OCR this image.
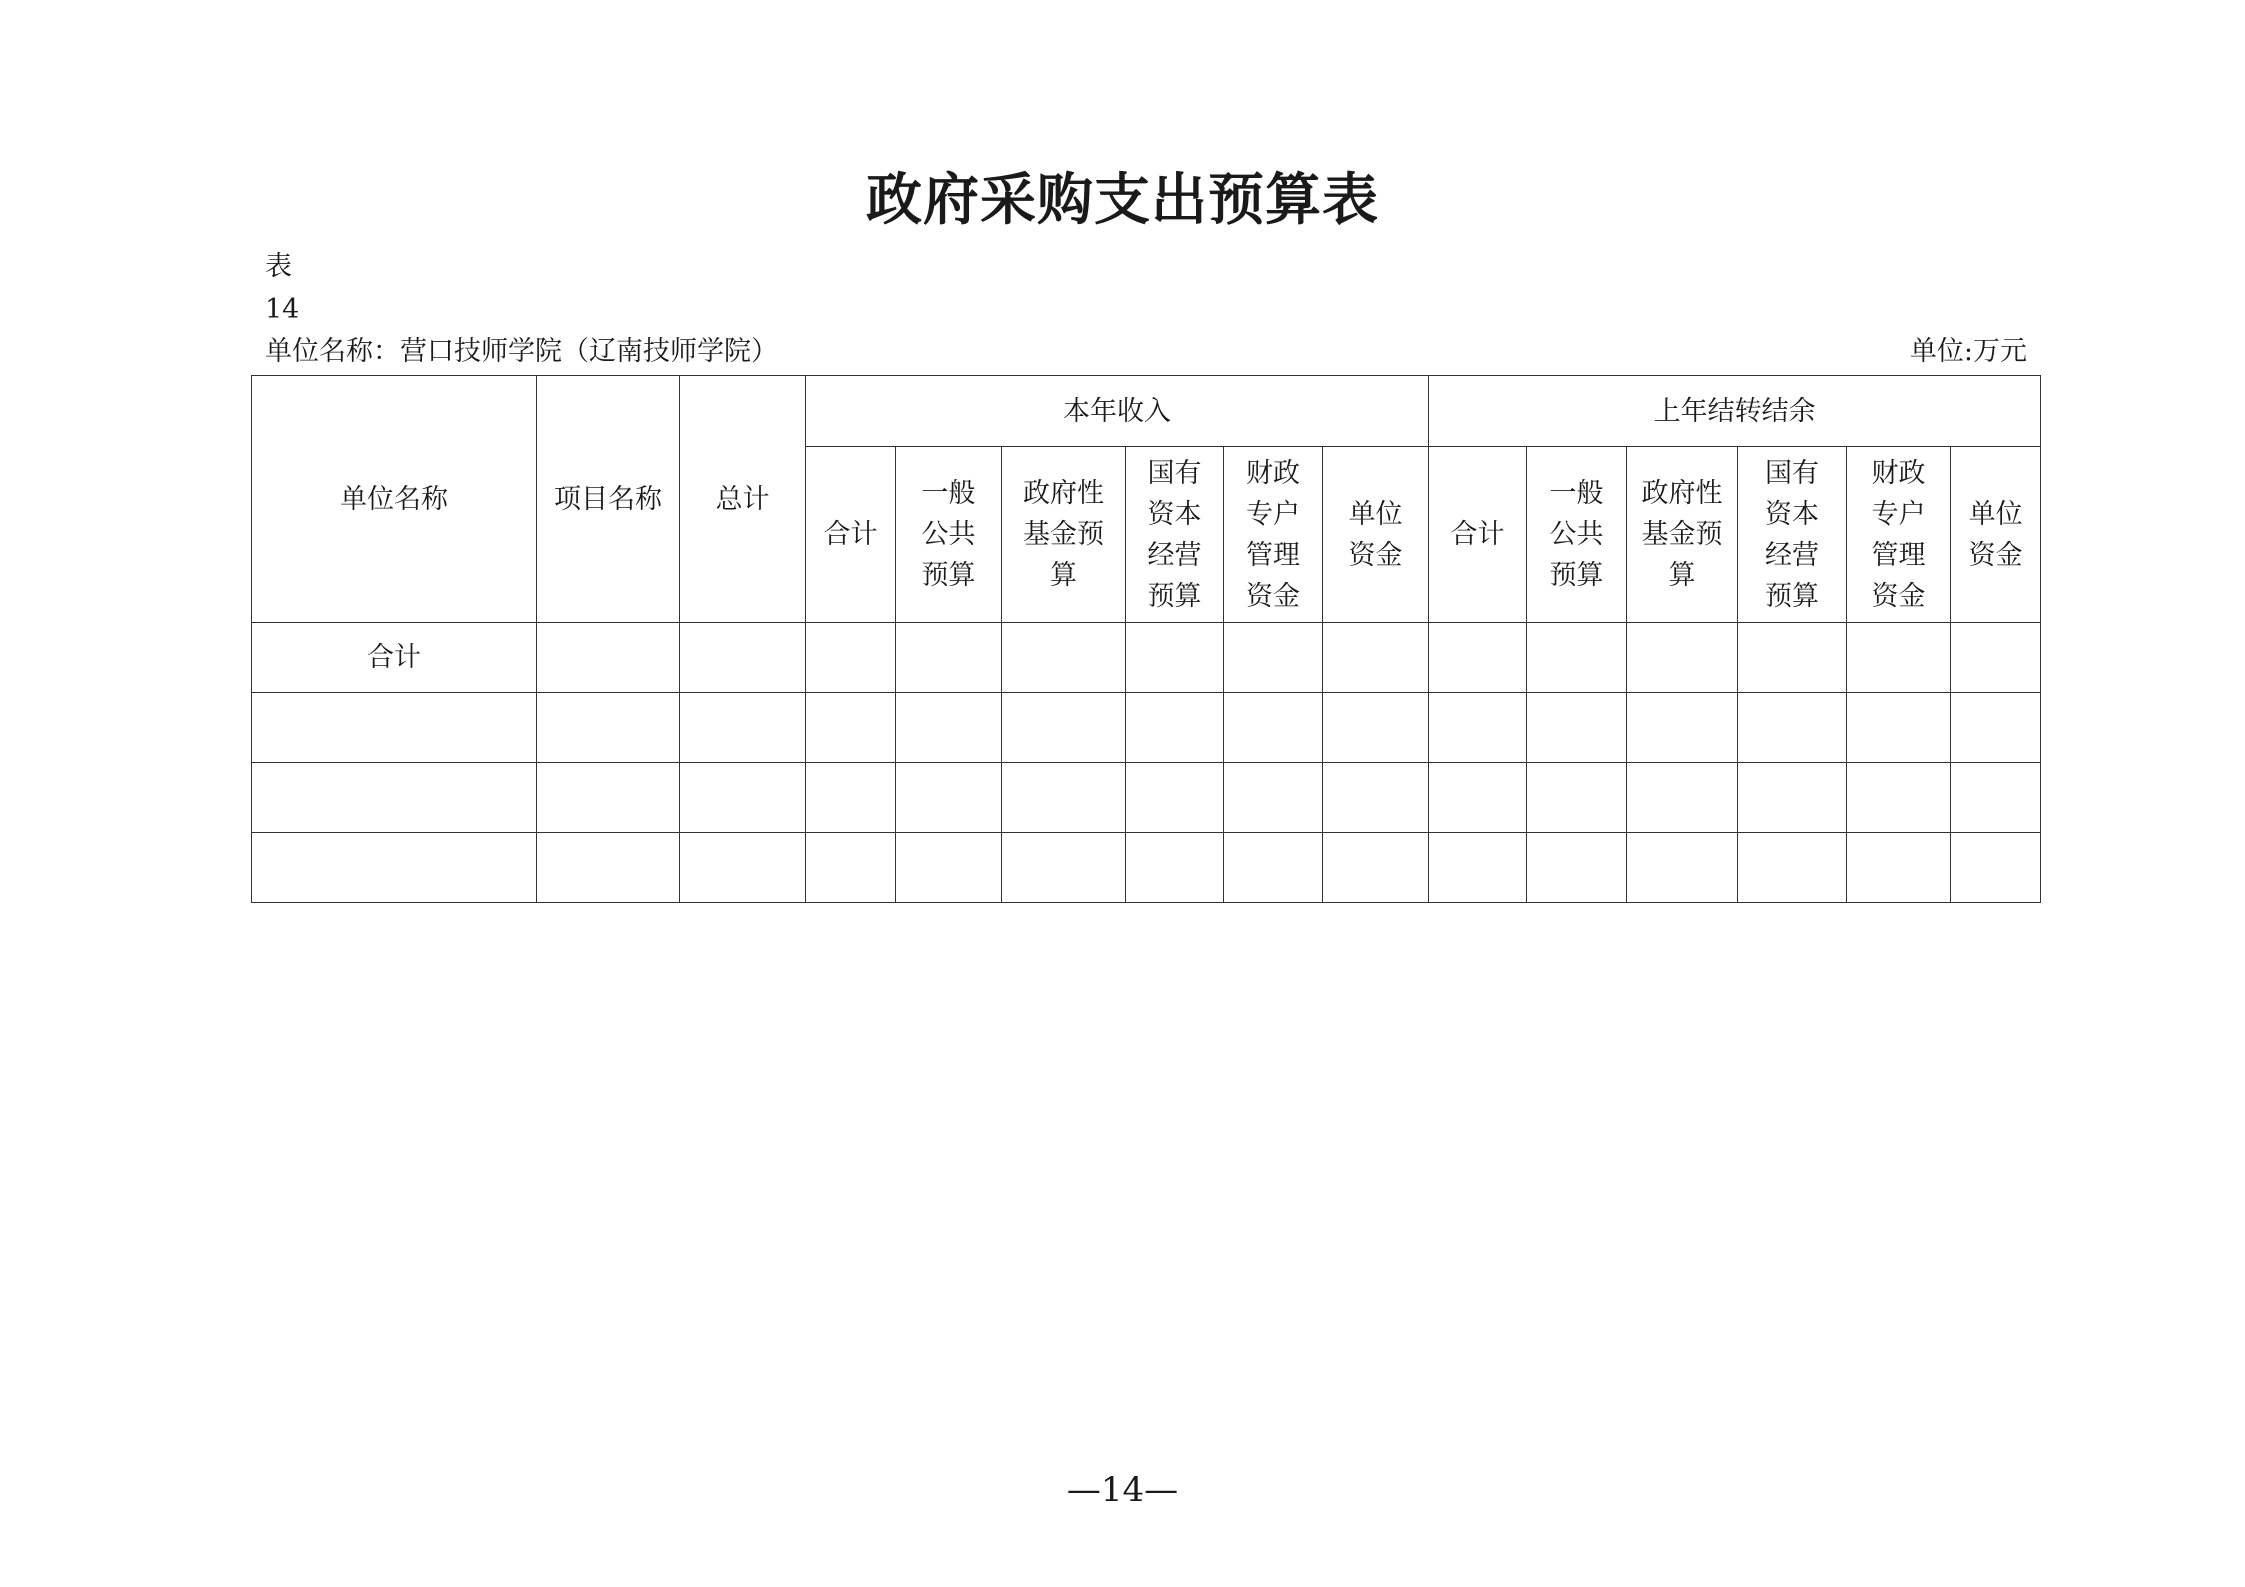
政府采购支出预算表
表
14
单位名称：营口技师学院（辽南技师学院）	单位:万元
单位名称	项目名称	总计	本年收入						上年结转结余					
			合计	一般公共预算	政府性基金预算	国有资本经营预算	财政专户管理资金	单位资金	合计	一般公共预算	政府性基金预算	国有资本经营预算	财政专户管理资金	单位资金
合计														

—14—
